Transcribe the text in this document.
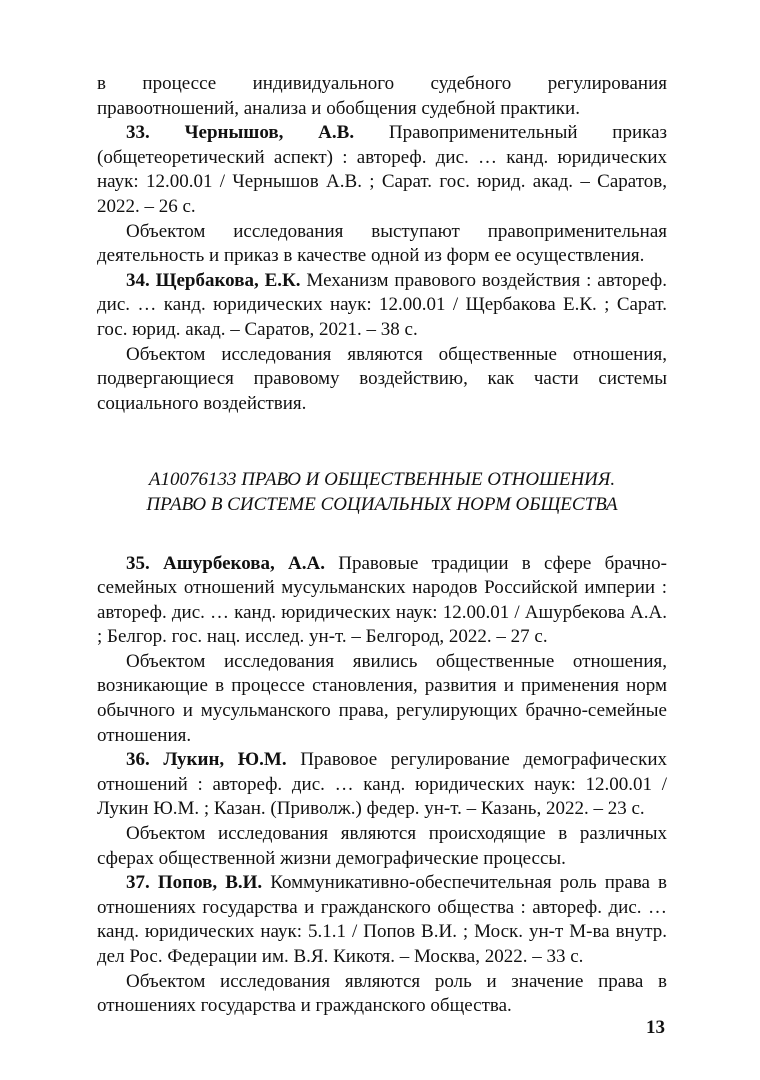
в процессе индивидуального судебного регулирования правоотношений, анализа и обобщения судебной практики.

33. Чернышов, А.В. Правоприменительный приказ (общетеоретический аспект) : автореф. дис. … канд. юридических наук: 12.00.01 / Чернышов А.В. ; Сарат. гос. юрид. акад. – Саратов, 2022. – 26 с.

Объектом исследования выступают правоприменительная деятельность и приказ в качестве одной из форм ее осуществления.

34. Щербакова, Е.К. Механизм правового воздействия : автореф. дис. … канд. юридических наук: 12.00.01 / Щербакова Е.К. ; Сарат. гос. юрид. акад. – Саратов, 2021. – 38 с.

Объектом исследования являются общественные отношения, подвергающиеся правовому воздействию, как части системы социального воздействия.

А10076133 ПРАВО И ОБЩЕСТВЕННЫЕ ОТНОШЕНИЯ.
ПРАВО В СИСТЕМЕ СОЦИАЛЬНЫХ НОРМ ОБЩЕСТВА

35. Ашурбекова, А.А. Правовые традиции в сфере брачно-семейных отношений мусульманских народов Российской империи : автореф. дис. … канд. юридических наук: 12.00.01 / Ашурбекова А.А. ; Белгор. гос. нац. исслед. ун-т. – Белгород, 2022. – 27 с.

Объектом исследования явились общественные отношения, возникающие в процессе становления, развития и применения норм обычного и мусульманского права, регулирующих брачно-семейные отношения.

36. Лукин, Ю.М. Правовое регулирование демографических отношений : автореф. дис. … канд. юридических наук: 12.00.01 / Лукин Ю.М. ; Казан. (Приволж.) федер. ун-т. – Казань, 2022. – 23 с.

Объектом исследования являются происходящие в различных сферах общественной жизни демографические процессы.

37. Попов, В.И. Коммуникативно-обеспечительная роль права в отношениях государства и гражданского общества : автореф. дис. … канд. юридических наук: 5.1.1 / Попов В.И. ; Моск. ун-т М-ва внутр. дел Рос. Федерации им. В.Я. Кикотя. – Москва, 2022. – 33 с.

Объектом исследования являются роль и значение права в отношениях государства и гражданского общества.

13
